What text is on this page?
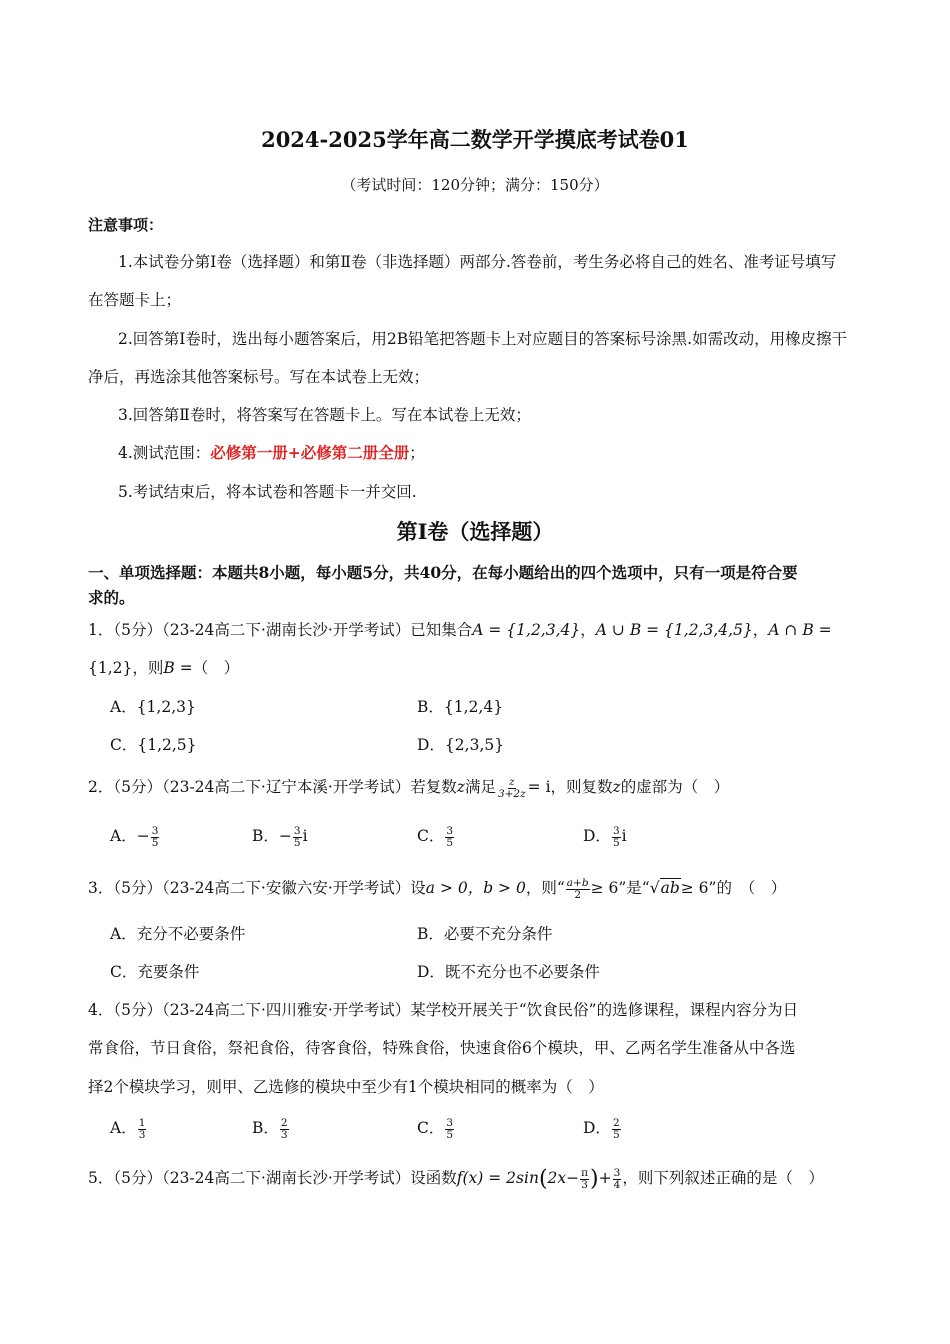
2024-2025学年高二数学开学摸底考试卷01
（考试时间：120分钟；满分：150分）
注意事项：
1.本试卷分第Ⅰ卷（选择题）和第Ⅱ卷（非选择题）两部分.答卷前，考生务必将自己的姓名、准考证号填写
在答题卡上；
2.回答第Ⅰ卷时，选出每小题答案后，用2B铅笔把答题卡上对应题目的答案标号涂黑.如需改动，用橡皮擦干
净后，再选涂其他答案标号。写在本试卷上无效；
3.回答第Ⅱ卷时，将答案写在答题卡上。写在本试卷上无效；
4.测试范围：必修第一册+必修第二册全册；
5.考试结束后，将本试卷和答题卡一并交回.
第Ⅰ卷（选择题）
一、单项选择题：本题共8小题，每小题5分，共40分，在每小题给出的四个选项中，只有一项是符合要
求的。
1．（5分）（23-24高二下·湖南长沙·开学考试）已知集合A = {1,2,3,4}，A ∪ B = {1,2,3,4,5}，A ∩ B =
{1,2}，则B =（　）
A．{1,2,3}	B．{1,2,4}
C．{1,2,5}	D．{2,3,5}
2．（5分）（23-24高二下·辽宁本溪·开学考试）若复数z满足 $\frac{z}{3+2z} = i$，则复数z的虚部为（　）
A．− $\frac{3}{5}$	B．− $\frac{3}{5}$ i	C． $\frac{3}{5}$	D． $\frac{3}{5}$ i
3．（5分）（23-24高二下·安徽六安·开学考试）设a > 0，b > 0，则“ $\frac{a+b}{2} \ge 6$”是“√ab≥ 6”的　（　）
A．充分不必要条件	B．必要不充分条件
C．充要条件	D．既不充分也不必要条件
4．（5分）（23-24高二下·四川雅安·开学考试）某学校开展关于“饮食民俗”的选修课程，课程内容分为日
常食俗，节日食俗，祭祀食俗，待客食俗，特殊食俗，快速食俗6个模块，甲、乙两名学生准备从中各选
择2个模块学习，则甲、乙选修的模块中至少有1个模块相同的概率为（　）
A． $\frac{1}{3}$	B． $\frac{2}{3}$	C． $\frac{3}{5}$	D． $\frac{2}{5}$
5．（5分）（23-24高二下·湖南长沙·开学考试）设函数$f(x) = 2\sin(2x- \frac{\pi}{3}$ )+ $\frac{3}{4}$ ，则下列叙述正确的是（　）
